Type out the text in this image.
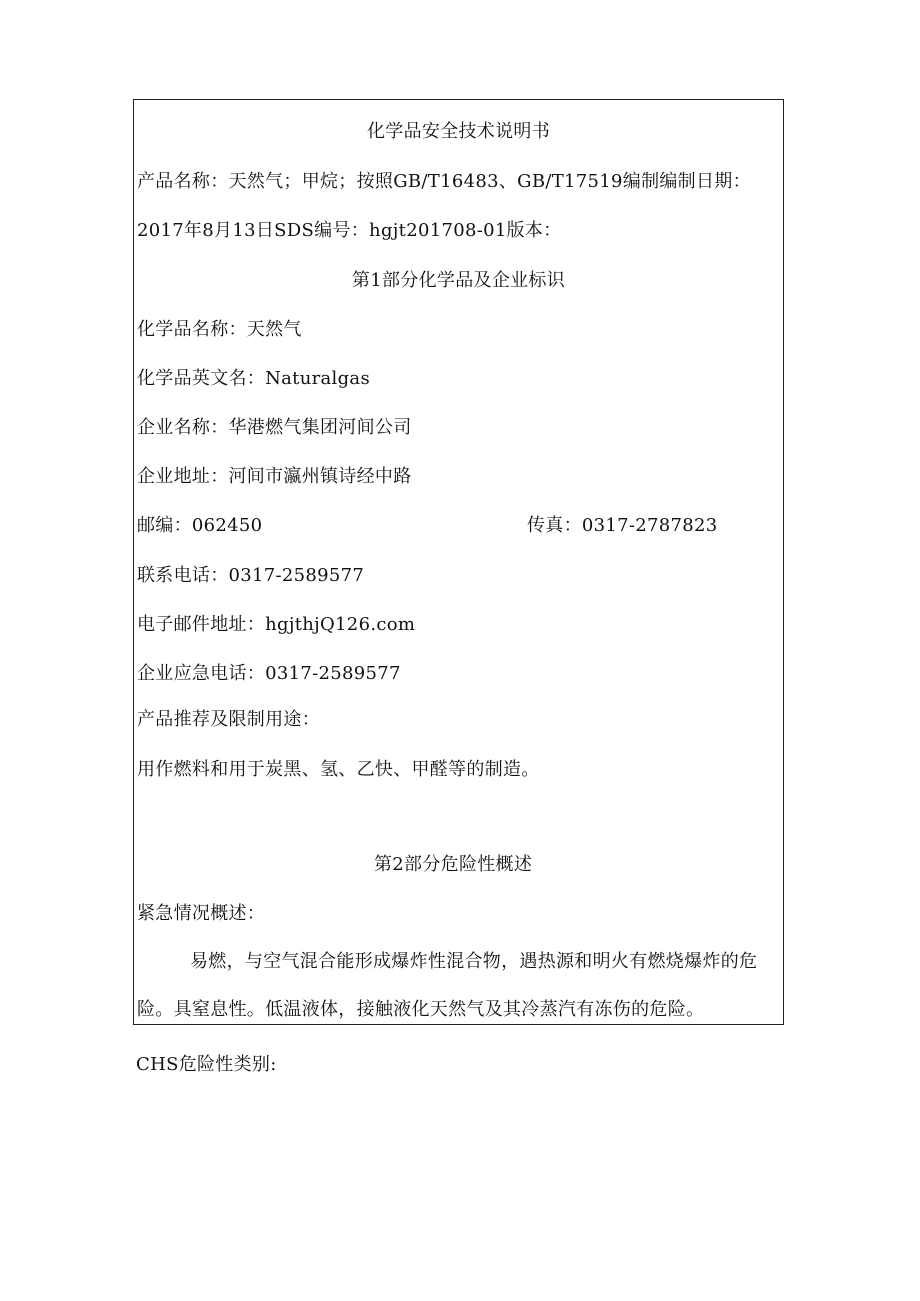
化学品安全技术说明书
产品名称：天然气；甲烷；按照GB/T16483、GB/T17519编制编制日期：
2017年8月13日SDS编号：hgjt201708-01版本：
第1部分化学品及企业标识
化学品名称：天然气
化学品英文名：Naturalgas
企业名称：华港燃气集团河间公司
企业地址：河间市瀛州镇诗经中路
邮编：062450	传真：0317-2787823
联系电话：0317-2589577
电子邮件地址：hgjthjQ126.com
企业应急电话：0317-2589577
产品推荐及限制用途：
用作燃料和用于炭黑、氢、乙快、甲醛等的制造。
第2部分危险性概述
紧急情况概述：
易燃，与空气混合能形成爆炸性混合物，遇热源和明火有燃烧爆炸的危
险。具窒息性。低温液体，接触液化天然气及其冷蒸汽有冻伤的危险。
CHS危险性类别:
